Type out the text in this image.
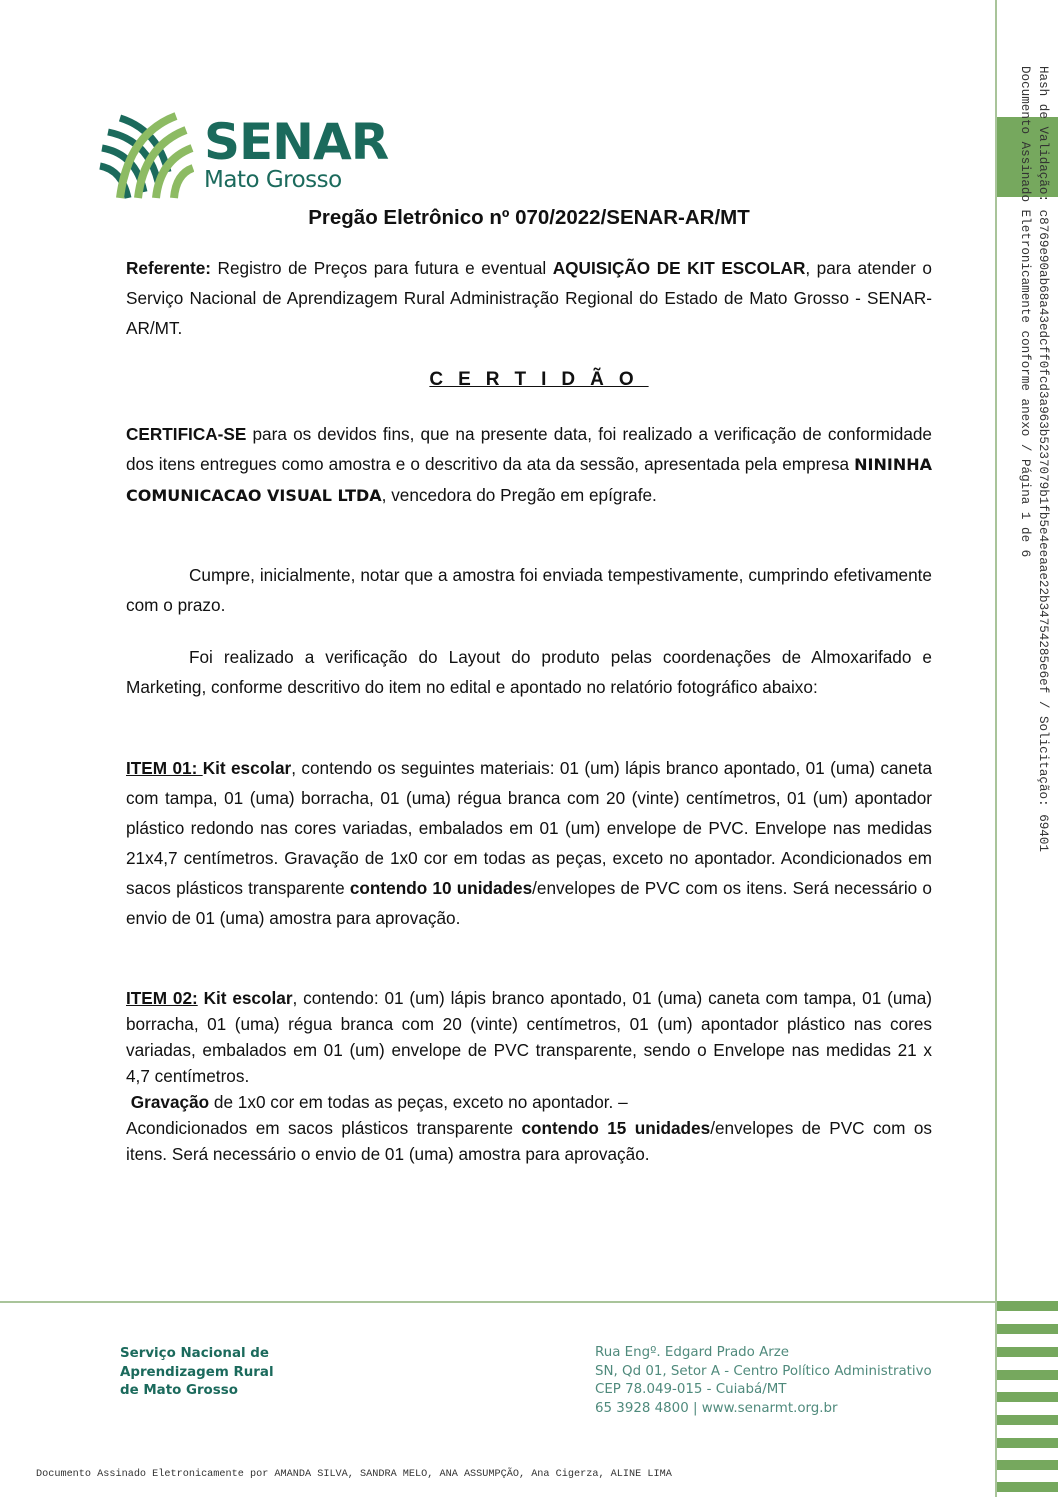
SENAR
Mato Grosso
Pregão Eletrônico nº 070/2022/SENAR-AR/MT

Referente: Registro de Preços para futura e eventual AQUISIÇÃO DE KIT ESCOLAR, para atender o Serviço Nacional de Aprendizagem Rural Administração Regional do Estado de Mato Grosso - SENAR-AR/MT.

CERTIDÃO

CERTIFICA-SE para os devidos fins, que na presente data, foi realizado a verificação de conformidade dos itens entregues como amostra e o descritivo da ata da sessão, apresentada pela empresa NININHA COMUNICACAO VISUAL LTDA, vencedora do Pregão em epígrafe.

Cumpre, inicialmente, notar que a amostra foi enviada tempestivamente, cumprindo efetivamente com o prazo.

Foi realizado a verificação do Layout do produto pelas coordenações de Almoxarifado e Marketing, conforme descritivo do item no edital e apontado no relatório fotográfico abaixo:

ITEM 01: Kit escolar, contendo os seguintes materiais: 01 (um) lápis branco apontado, 01 (uma) caneta com tampa, 01 (uma) borracha, 01 (uma) régua branca com 20 (vinte) centímetros, 01 (um) apontador plástico redondo nas cores variadas, embalados em 01 (um) envelope de PVC. Envelope nas medidas 21x4,7 centímetros. Gravação de 1x0 cor em todas as peças, exceto no apontador. Acondicionados em sacos plásticos transparente contendo 10 unidades/envelopes de PVC com os itens. Será necessário o envio de 01 (uma) amostra para aprovação.

ITEM 02: Kit escolar, contendo: 01 (um) lápis branco apontado, 01 (uma) caneta com tampa, 01 (uma) borracha, 01 (uma) régua branca com 20 (vinte) centímetros, 01 (um) apontador plástico nas cores variadas, embalados em 01 (um) envelope de PVC transparente, sendo o Envelope nas medidas 21 x 4,7 centímetros.

Gravação de 1x0 cor em todas as peças, exceto no apontador. –

Acondicionados em sacos plásticos transparente contendo 15 unidades/envelopes de PVC com os itens. Será necessário o envio de 01 (uma) amostra para aprovação.

Hash de Validação: c8769e90ab68a43edcff0fcd3a963b5237079b1fb5e4eeaae22b34754285e6ef / Solicitação: 69401
Documento Assinado Eletronicamente conforme anexo / Página 1 de 6
Serviço Nacional de
Aprendizagem Rural
de Mato Grosso
Rua Engº. Edgard Prado Arze
SN, Qd 01, Setor A - Centro Político Administrativo
CEP 78.049-015 - Cuiabá/MT
65 3928 4800 | www.senarmt.org.br
Documento Assinado Eletronicamente por AMANDA SILVA, SANDRA MELO, ANA ASSUMPÇÃO, Ana Cigerza, ALINE LIMA
